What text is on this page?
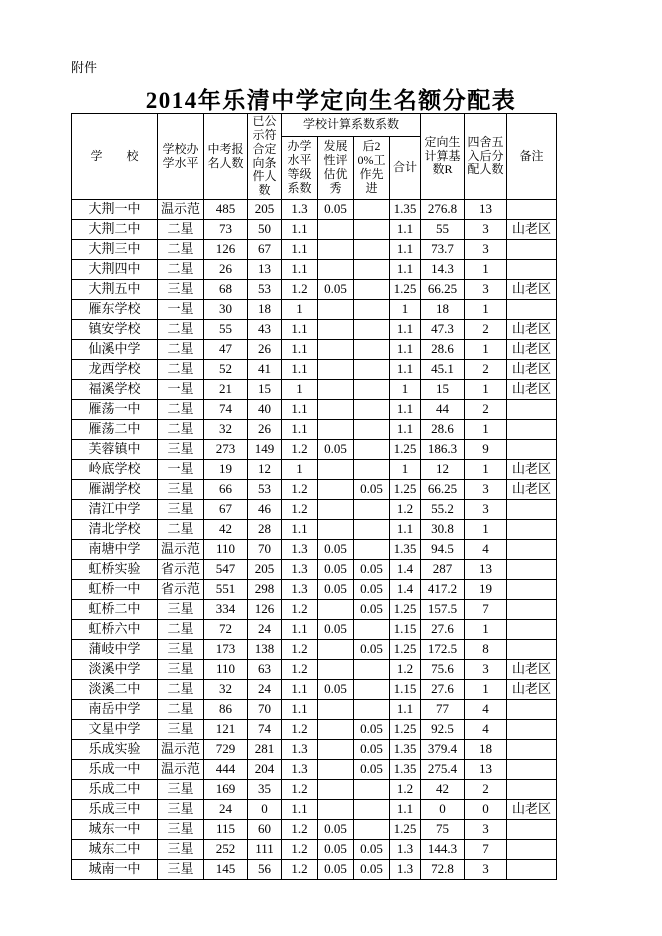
附件
2014年乐清中学定向生名额分配表
学　　校	学校办学水平	中考报名人数	已公示符合定向条件人数	学校计算系数系数				定向生计算基数R	四舍五入后分配人数	备注
				办学水平等级系数	发展性评估优秀	后20%工作先进	合计			
大荆一中	温示范	485	205	1.3	0.05		1.35	276.8	13	
大荆二中	二星	73	50	1.1			1.1	55	3	山老区
大荆三中	二星	126	67	1.1			1.1	73.7	3	
大荆四中	二星	26	13	1.1			1.1	14.3	1	
大荆五中	三星	68	53	1.2	0.05		1.25	66.25	3	山老区
雁东学校	一星	30	18	1			1	18	1	
镇安学校	二星	55	43	1.1			1.1	47.3	2	山老区
仙溪中学	二星	47	26	1.1			1.1	28.6	1	山老区
龙西学校	二星	52	41	1.1			1.1	45.1	2	山老区
福溪学校	一星	21	15	1			1	15	1	山老区
雁荡一中	二星	74	40	1.1			1.1	44	2	
雁荡二中	二星	32	26	1.1			1.1	28.6	1	
芙蓉镇中	三星	273	149	1.2	0.05		1.25	186.3	9	
岭底学校	一星	19	12	1			1	12	1	山老区
雁湖学校	三星	66	53	1.2		0.05	1.25	66.25	3	山老区
清江中学	三星	67	46	1.2			1.2	55.2	3	
清北学校	二星	42	28	1.1			1.1	30.8	1	
南塘中学	温示范	110	70	1.3	0.05		1.35	94.5	4	
虹桥实验	省示范	547	205	1.3	0.05	0.05	1.4	287	13	
虹桥一中	省示范	551	298	1.3	0.05	0.05	1.4	417.2	19	
虹桥二中	三星	334	126	1.2		0.05	1.25	157.5	7	
虹桥六中	二星	72	24	1.1	0.05		1.15	27.6	1	
蒲岐中学	三星	173	138	1.2		0.05	1.25	172.5	8	
淡溪中学	三星	110	63	1.2			1.2	75.6	3	山老区
淡溪二中	二星	32	24	1.1	0.05		1.15	27.6	1	山老区
南岳中学	二星	86	70	1.1			1.1	77	4	
文星中学	三星	121	74	1.2		0.05	1.25	92.5	4	
乐成实验	温示范	729	281	1.3		0.05	1.35	379.4	18	
乐成一中	温示范	444	204	1.3		0.05	1.35	275.4	13	
乐成二中	三星	169	35	1.2			1.2	42	2	
乐成三中	三星	24	0	1.1			1.1	0	0	山老区
城东一中	三星	115	60	1.2	0.05		1.25	75	3	
城东二中	三星	252	111	1.2	0.05	0.05	1.3	144.3	7	
城南一中	三星	145	56	1.2	0.05	0.05	1.3	72.8	3	
